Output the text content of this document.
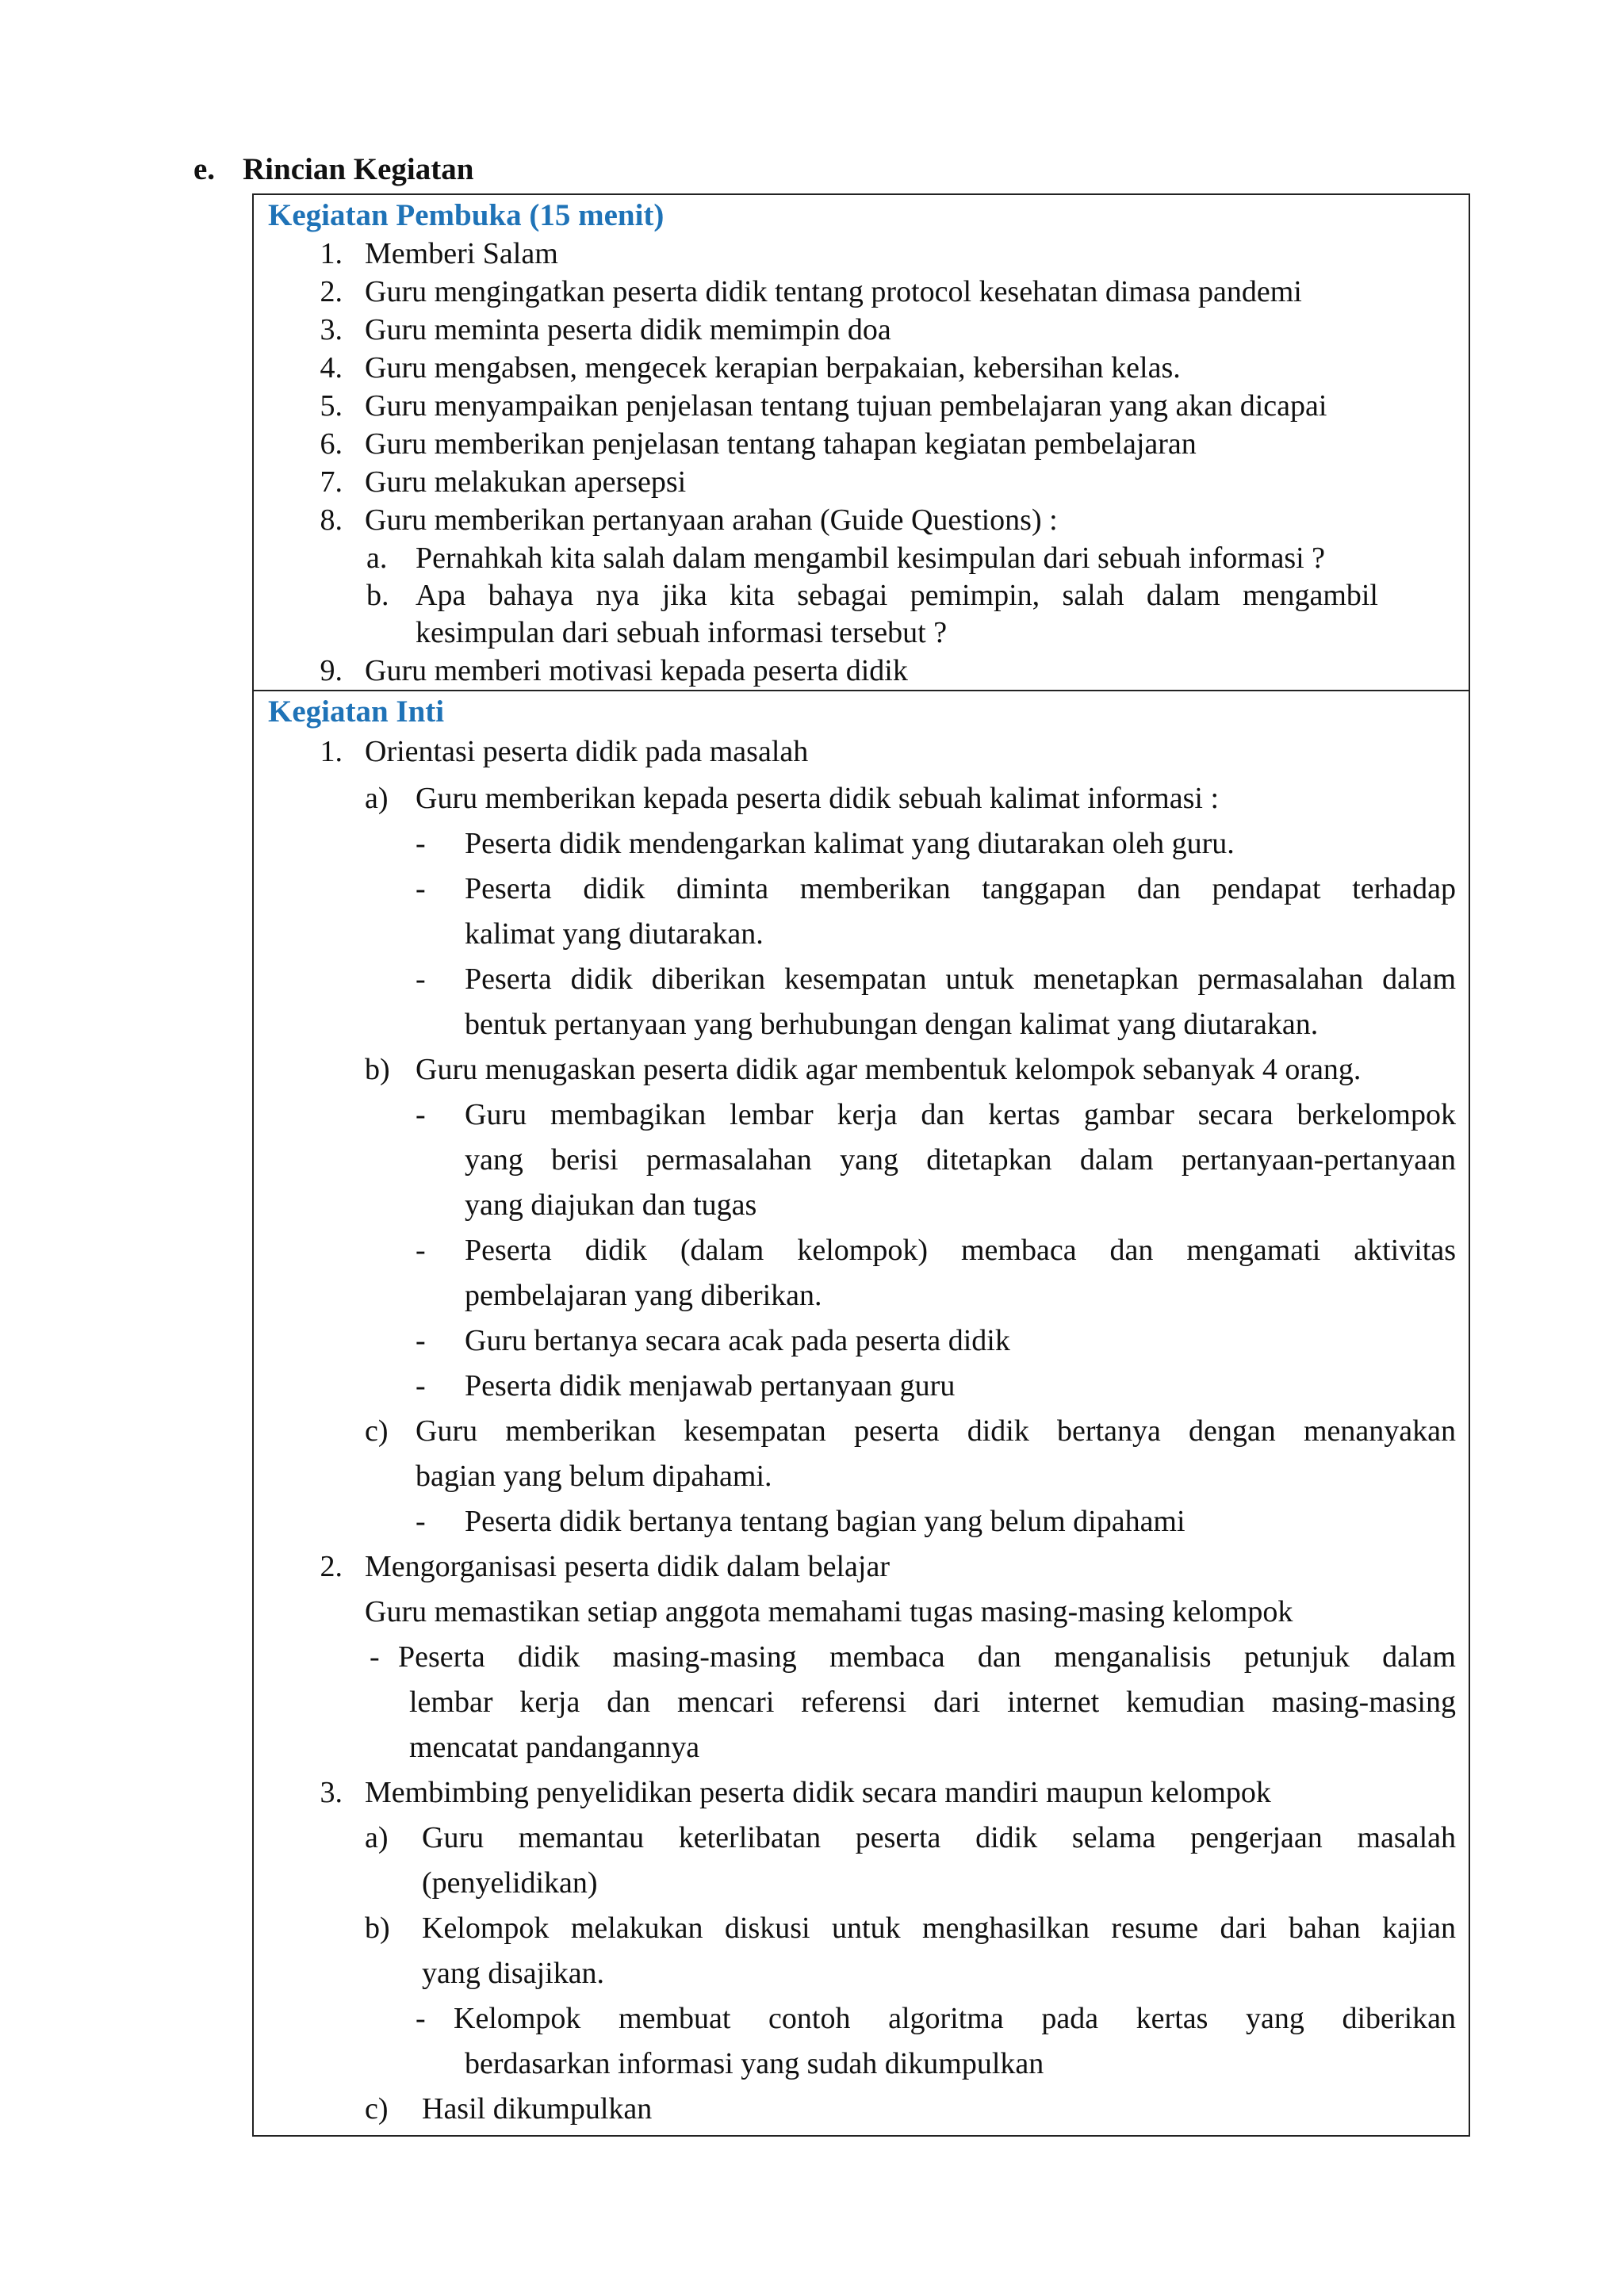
e. Rincian Kegiatan
Kegiatan Pembuka (15 menit)
1. Memberi Salam
2. Guru mengingatkan peserta didik tentang protocol kesehatan dimasa pandemi
3. Guru meminta peserta didik memimpin doa
4. Guru mengabsen, mengecek kerapian berpakaian, kebersihan kelas.
5. Guru menyampaikan penjelasan tentang tujuan pembelajaran yang akan dicapai
6. Guru memberikan penjelasan tentang tahapan kegiatan pembelajaran
7. Guru melakukan apersepsi
8. Guru memberikan pertanyaan arahan (Guide Questions) :
a. Pernahkah kita salah dalam mengambil kesimpulan dari sebuah informasi ?
b. Apa bahaya nya jika kita sebagai pemimpin, salah dalam mengambil
kesimpulan dari sebuah informasi tersebut ?
9. Guru memberi motivasi kepada peserta didik
Kegiatan Inti
1. Orientasi peserta didik pada masalah
a) Guru memberikan kepada peserta didik sebuah kalimat informasi :
- Peserta didik mendengarkan kalimat yang diutarakan oleh guru.
- Peserta didik diminta memberikan tanggapan dan pendapat terhadap
kalimat yang diutarakan.
- Peserta didik diberikan kesempatan untuk menetapkan permasalahan dalam
bentuk pertanyaan yang berhubungan dengan kalimat yang diutarakan.
b) Guru menugaskan peserta didik agar membentuk kelompok sebanyak 4 orang.
- Guru membagikan lembar kerja dan kertas gambar secara berkelompok
yang berisi permasalahan yang ditetapkan dalam pertanyaan-pertanyaan
yang diajukan dan tugas
- Peserta didik (dalam kelompok) membaca dan mengamati aktivitas
pembelajaran yang diberikan.
- Guru bertanya secara acak pada peserta didik
- Peserta didik menjawab pertanyaan guru
c) Guru memberikan kesempatan peserta didik bertanya dengan menanyakan
bagian yang belum dipahami.
- Peserta didik bertanya tentang bagian yang belum dipahami
2. Mengorganisasi peserta didik dalam belajar
Guru memastikan setiap anggota memahami tugas masing-masing kelompok
- Peserta didik masing-masing membaca dan menganalisis petunjuk dalam
lembar kerja dan mencari referensi dari internet kemudian masing-masing
mencatat pandangannya
3. Membimbing penyelidikan peserta didik secara mandiri maupun kelompok
a) Guru memantau keterlibatan peserta didik selama pengerjaan masalah
(penyelidikan)
b) Kelompok melakukan diskusi untuk menghasilkan resume dari bahan kajian
yang disajikan.
- Kelompok membuat contoh algoritma pada kertas yang diberikan
berdasarkan informasi yang sudah dikumpulkan
c) Hasil dikumpulkan
